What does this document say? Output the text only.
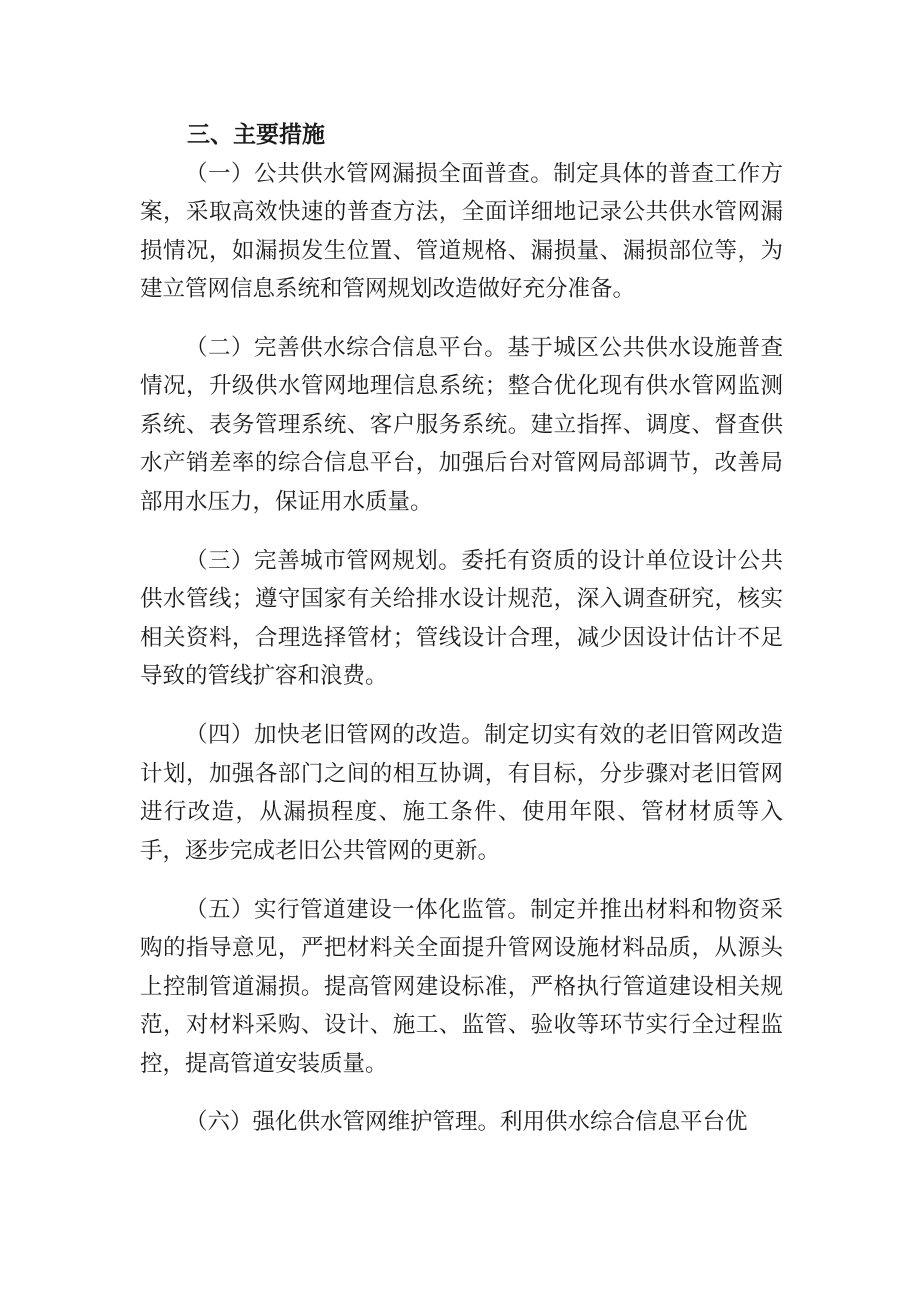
三、主要措施

（一）公共供水管网漏损全面普查。制定具体的普查工作方案，采取高效快速的普查方法，全面详细地记录公共供水管网漏损情况，如漏损发生位置、管道规格、漏损量、漏损部位等，为建立管网信息系统和管网规划改造做好充分准备。

（二）完善供水综合信息平台。基于城区公共供水设施普查情况，升级供水管网地理信息系统；整合优化现有供水管网监测系统、表务管理系统、客户服务系统。建立指挥、调度、督查供水产销差率的综合信息平台，加强后台对管网局部调节，改善局部用水压力，保证用水质量。

（三）完善城市管网规划。委托有资质的设计单位设计公共供水管线；遵守国家有关给排水设计规范，深入调查研究，核实相关资料，合理选择管材；管线设计合理，减少因设计估计不足导致的管线扩容和浪费。

（四）加快老旧管网的改造。制定切实有效的老旧管网改造计划，加强各部门之间的相互协调，有目标，分步骤对老旧管网进行改造，从漏损程度、施工条件、使用年限、管材材质等入手，逐步完成老旧公共管网的更新。

（五）实行管道建设一体化监管。制定并推出材料和物资采购的指导意见，严把材料关全面提升管网设施材料品质，从源头上控制管道漏损。提高管网建设标准，严格执行管道建设相关规范，对材料采购、设计、施工、监管、验收等环节实行全过程监控，提高管道安装质量。

（六）强化供水管网维护管理。利用供水综合信息平台优
